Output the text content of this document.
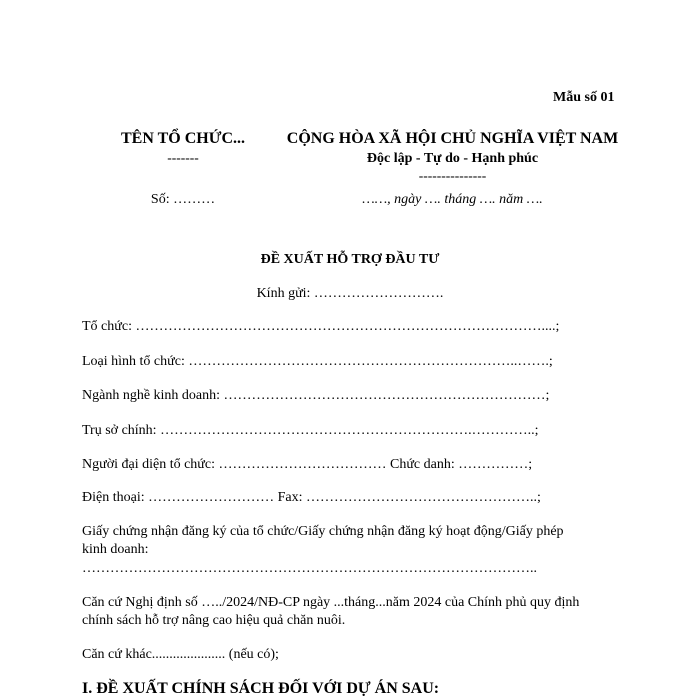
Mẫu số 01
TÊN TỔ CHỨC...
-------
CỘNG HÒA XÃ HỘI CHỦ NGHĨA VIỆT NAM
Độc lập - Tự do - Hạnh phúc
---------------
Số: ………	……, ngày …. tháng …. năm ….
ĐỀ XUẤT HỖ TRỢ ĐẦU TƯ
Kính gửi: ……………………….
Tổ chức: ……………………………………………………………………………....;
Loại hình tổ chức: ……………………………………………………………..…….;
Ngành nghề kinh doanh: ……………………………………………………………;
Trụ sở chính: ………………………………………………………….…………..;
Người đại diện tổ chức: ……………………………… Chức danh: ……………;
Điện thoại: ……………………… Fax: …………………………………………..;
Giấy chứng nhận đăng ký của tổ chức/Giấy chứng nhận đăng ký hoạt động/Giấy phép
kinh doanh:
……………………………………………………………………………………..
Căn cứ Nghị định số …../2024/NĐ-CP ngày ...tháng...năm 2024 của Chính phủ quy định
chính sách hỗ trợ nâng cao hiệu quả chăn nuôi.
Căn cứ khác..................... (nếu có);
I. ĐỀ XUẤT CHÍNH SÁCH ĐỐI VỚI DỰ ÁN SAU:
